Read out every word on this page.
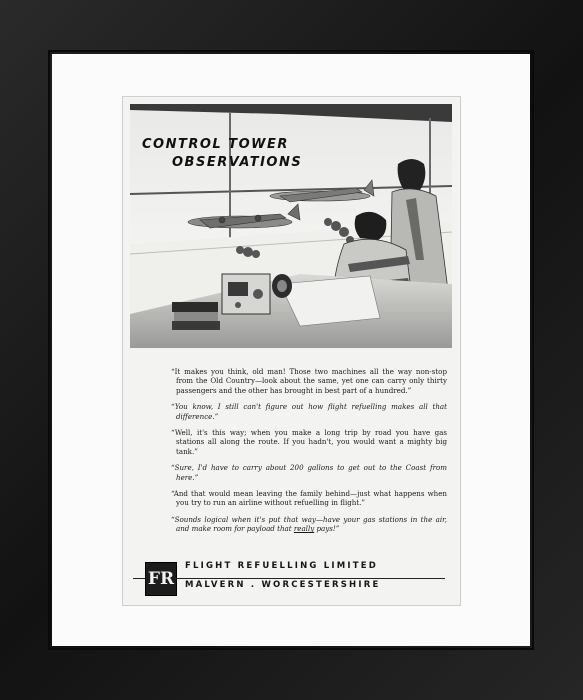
CONTROL TOWER
OBSERVATIONS

“It makes you think, old man! Those two machines all the way non-stop from the Old Country—look about the same, yet one can carry only thirty passengers and the other has brought in best part of a hundred.”

“You know, I still can't figure out how flight refuelling makes all that difference.”

“Well, it's this way; when you make a long trip by road you have gas stations all along the route. If you hadn't, you would want a mighty big tank.”

“Sure, I'd have to carry about 200 gallons to get out to the Coast from here.”

“And that would mean leaving the family behind—just what happens when you try to run an airline without refuelling in flight.”

“Sounds logical when it's put that way—have your gas stations in the air, and make room for payload that really pays!”

FR
FLIGHT REFUELLING LIMITED
MALVERN . WORCESTERSHIRE
